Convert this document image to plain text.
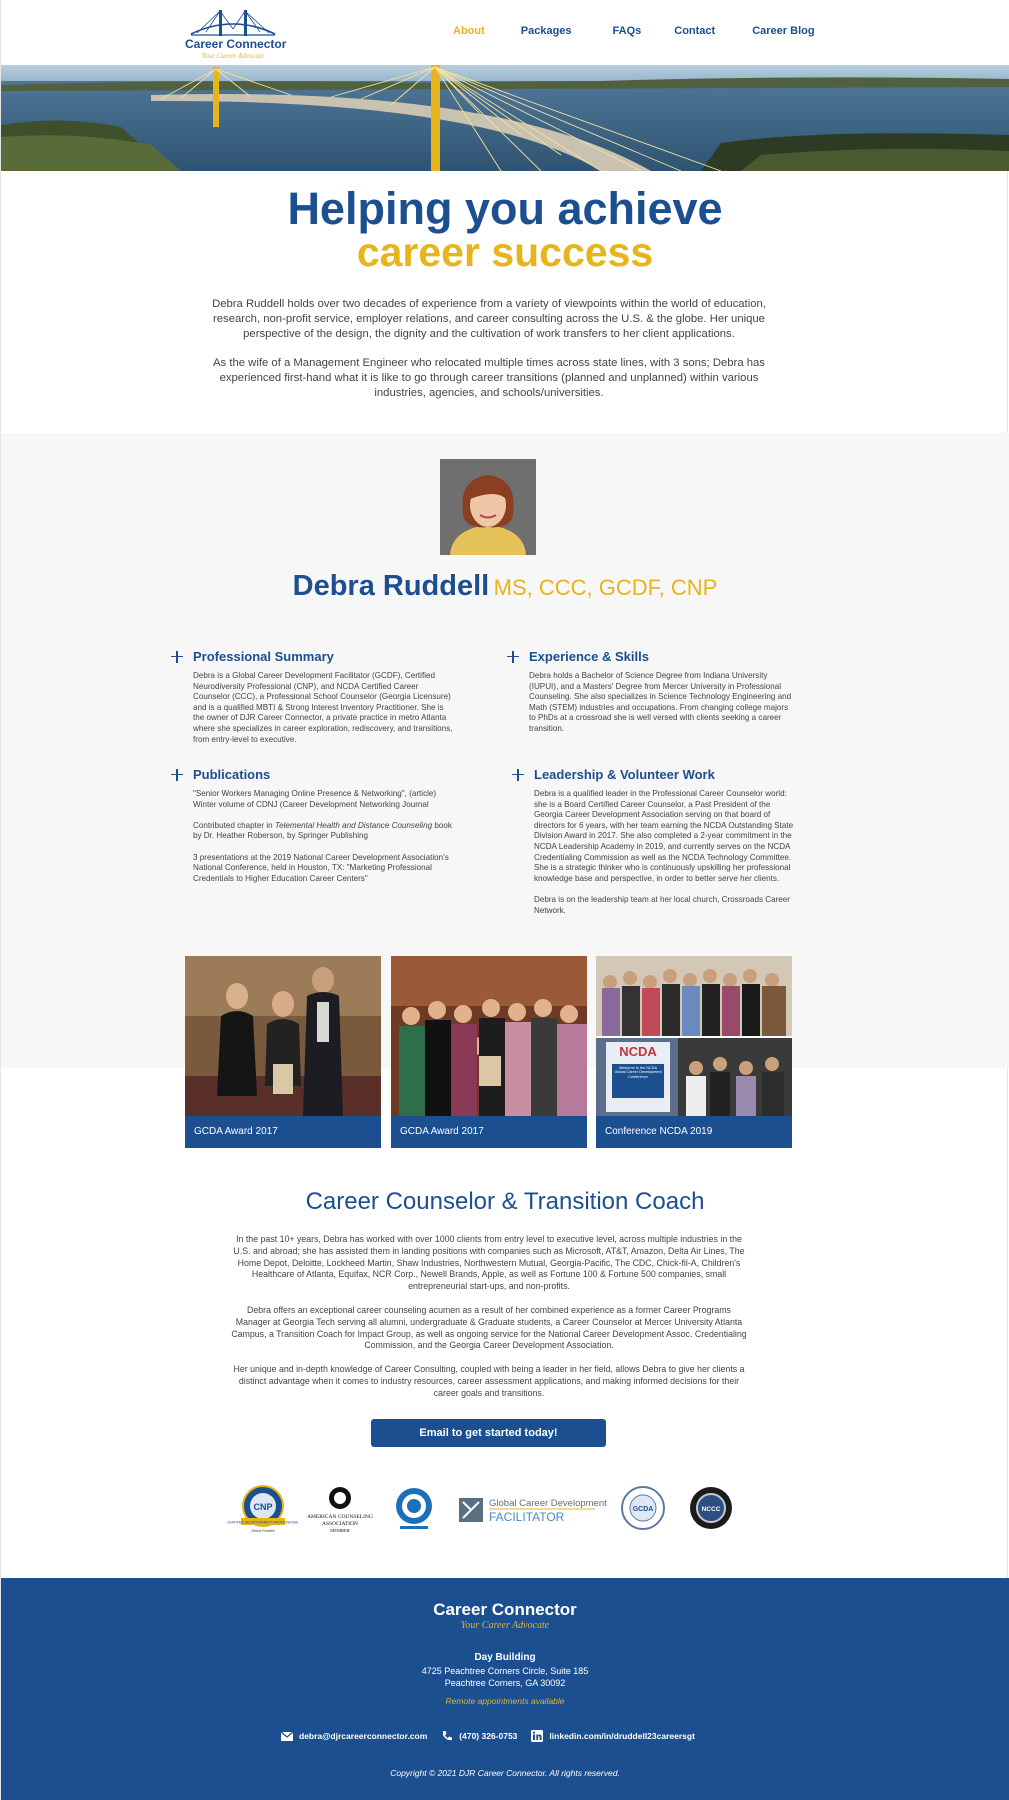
Career Connector
Your Career Advocate
About	Packages	FAQs	Contact	Career Blog
Helping you achieve
career success

Debra Ruddell holds over two decades of experience from a variety of viewpoints within the world of education, research, non-profit service, employer relations, and career consulting across the U.S. & the globe. Her unique perspective of the design, the dignity and the cultivation of work transfers to her client applications.

As the wife of a Management Engineer who relocated multiple times across state lines, with 3 sons; Debra has experienced first-hand what it is like to go through career transitions (planned and unplanned) within various industries, agencies, and schools/universities.

Debra Ruddell MS, CCC, GCDF, CNP
Professional Summary

Debra is a Global Career Development Facilitator (GCDF), Certified Neurodiversity Professional (CNP), and NCDA Certified Career Counselor (CCC), a Professional School Counselor (Georgia Licensure) and is a qualified MBTI & Strong Interest Inventory Practitioner. She is the owner of DJR Career Connector, a private practice in metro Atlanta where she specializes in career exploration, rediscovery, and transitions, from entry-level to executive.

Experience & Skills

Debra holds a Bachelor of Science Degree from Indiana University (IUPUI), and a Masters' Degree from Mercer University in Professional Counseling. She also specializes in Science Technology Engineering and Math (STEM) industries and occupations. From changing college majors to PhDs at a crossroad she is well versed with clients seeking a career transition.

Publications

"Senior Workers Managing Online Presence & Networking", (article) Winter volume of CDNJ (Career Development Networking Journal

Contributed chapter in Telemental Health and Distance Counseling book by Dr. Heather Roberson, by Springer Publishing

3 presentations at the 2019 National Career Development Association's National Conference, held in Houston, TX: "Marketing Professional Credentials to Higher Education Career Centers"

Leadership & Volunteer Work

Debra is a qualified leader in the Professional Career Counselor world: she is a Board Certified Career Counselor, a Past President of the Georgia Career Development Association serving on that board of directors for 6 years, with her team earning the NCDA Outstanding State Division Award in 2017. She also completed a 2-year commitment in the NCDA Leadership Academy in 2019, and currently serves on the NCDA Credentialing Commission as well as the NCDA Technology Committee. She is a strategic thinker who is continuously upskilling her professional knowledge base and perspective, in order to better serve her clients.

Debra is on the leadership team at her local church, Crossroads Career Network.

GCDA Award 2017	GCDA Award 2017
NCDA
Welcome to the NCDA Global Career Development Conference
Conference NCDA 2019
Career Counselor & Transition Coach

In the past 10+ years, Debra has worked with over 1000 clients from entry level to executive level, across multiple industries in the U.S. and abroad; she has assisted them in landing positions with companies such as Microsoft, AT&T, Amazon, Delta Air Lines, The Home Depot, Deloitte, Lockheed Martin, Shaw Industries, Northwestern Mutual, Georgia-Pacific, The CDC, Chick-fil-A, Children's Healthcare of Atlanta, Equifax, NCR Corp., Newell Brands, Apple, as well as Fortune 100 & Fortune 500 companies, small entrepreneurial start-ups, and non-profits.

Debra offers an exceptional career counseling acumen as a result of her combined experience as a former Career Programs Manager at Georgia Tech serving all alumni, undergraduate & Graduate students, a Career Counselor at Mercer University Atlanta Campus, a Transition Coach for Impact Group, as well as ongoing service for the National Career Development Assoc. Credentialing Commission, and the Georgia Career Development Association.

Her unique and in-depth knowledge of Career Consulting, coupled with being a leader in her field, allows Debra to give her clients a distinct advantage when it comes to industry resources, career assessment applications, and making informed decisions for their career goals and transitions.

Email to get started today!
CNP
CERTIFIED NEURODIVERSITY PROFESSIONAL
Debra Ruddell
AMERICAN COUNSELING
ASSOCIATION
MEMBER
Global Career Development
FACILITATOR
GCDA	NCCC
Career Connector
Your Career Advocate
Day Building
4725 Peachtree Corners Circle, Suite 185
Peachtree Corners, GA 30092
Remote appointments available
debra@djrcareerconnector.com	(470) 326-0753	linkedin.com/in/druddell23careersgt
Copyright © 2021 DJR Career Connector. All rights reserved.
